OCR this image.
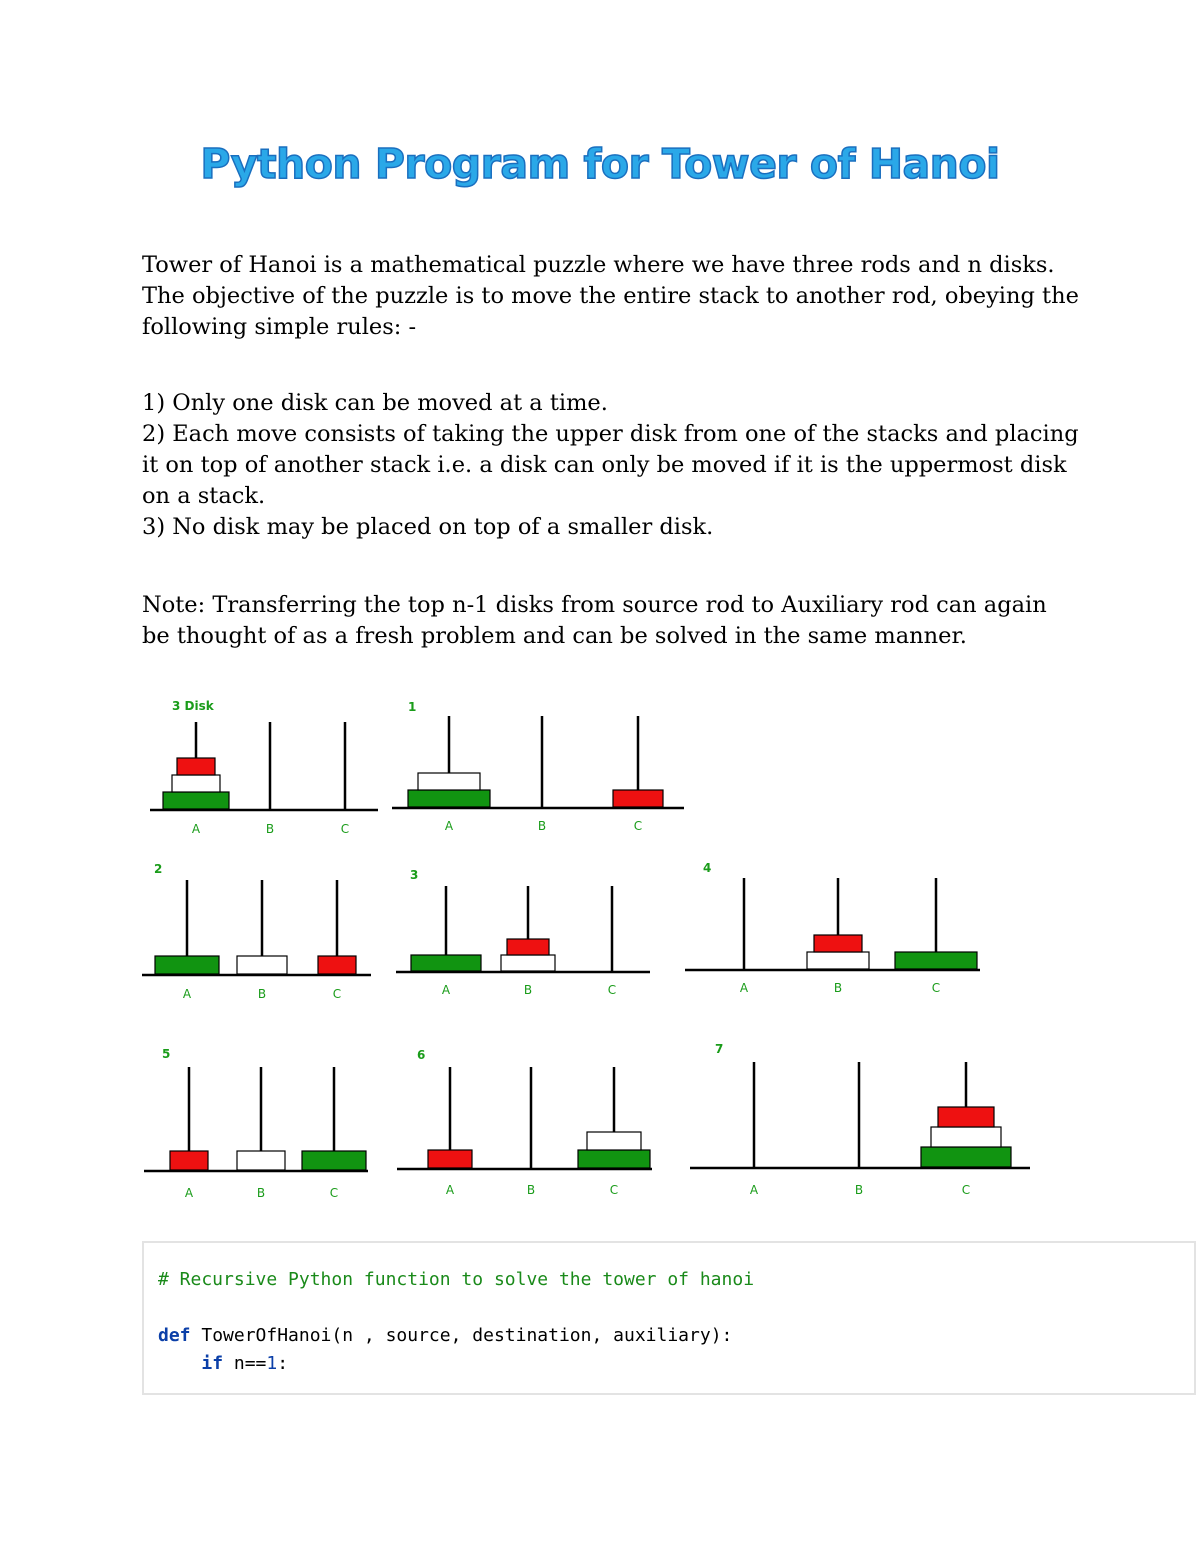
Python Program for Tower of Hanoi

Tower of Hanoi is a mathematical puzzle where we have three rods and n disks.
The objective of the puzzle is to move the entire stack to another rod, obeying the
following simple rules: -

1) Only one disk can be moved at a time.
2) Each move consists of taking the upper disk from one of the stacks and placing
it on top of another stack i.e. a disk can only be moved if it is the uppermost disk
on a stack.
3) No disk may be placed on top of a smaller disk.

Note: Transferring the top n-1 disks from source rod to Auxiliary rod can again
be thought of as a fresh problem and can be solved in the same manner.

A	B	C
3 Disk
A	B	C
1
A	B	C
2
A	B	C
3
A	B	C
4
A	B	C
5
A	B	C
6
A	B	C
7
# Recursive Python function to solve the tower of hanoi
def TowerOfHanoi(n , source, destination, auxiliary):
if n==1:
